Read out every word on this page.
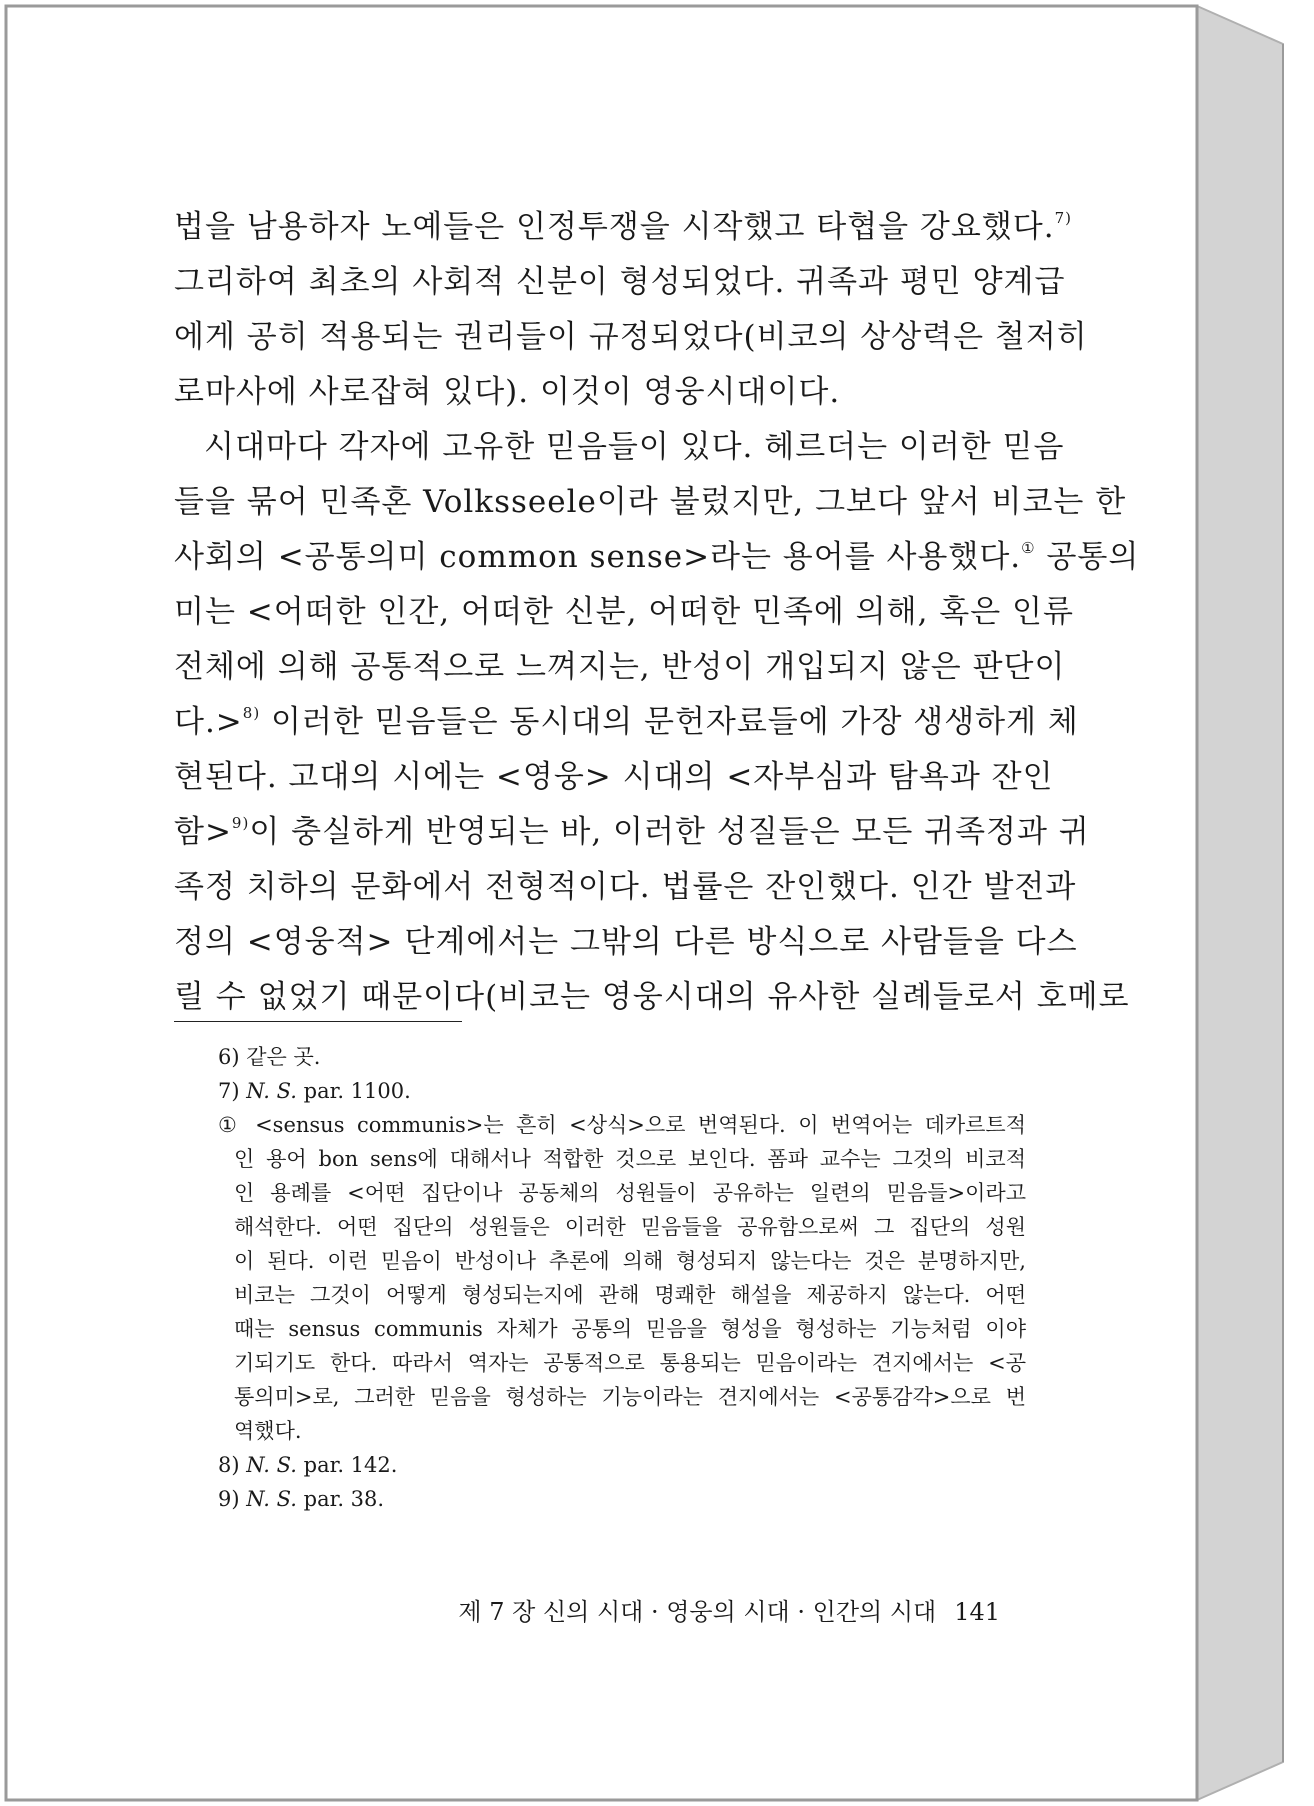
법을 남용하자 노예들은 인정투쟁을 시작했고 타협을 강요했다.$^{7)}$
그리하여 최초의 사회적 신분이 형성되었다. 귀족과 평민 양계급
에게 공히 적용되는 권리들이 규정되었다(비코의 상상력은 철저히
로마사에 사로잡혀 있다). 이것이 영웅시대이다.
시대마다 각자에 고유한 믿음들이 있다. 헤르더는 이러한 믿음
들을 묶어 민족혼 Volksseele이라 불렀지만, 그보다 앞서 비코는 한
사회의 <공통의미 common sense>라는 용어를 사용했다.① 공통의
미는 <어떠한 인간, 어떠한 신분, 어떠한 민족에 의해, 혹은 인류
전체에 의해 공통적으로 느껴지는, 반성이 개입되지 않은 판단이
다.>$^{8)}$ 이러한 믿음들은 동시대의 문헌자료들에 가장 생생하게 체
현된다. 고대의 시에는 <영웅> 시대의 <자부심과 탐욕과 잔인
함>$^{9)}$이 충실하게 반영되는 바, 이러한 성질들은 모든 귀족정과 귀
족정 치하의 문화에서 전형적이다. 법률은 잔인했다. 인간 발전과
정의 <영웅적> 단계에서는 그밖의 다른 방식으로 사람들을 다스
릴 수 없었기 때문이다(비코는 영웅시대의 유사한 실례들로서 호메로
6) 같은 곳.
7) N. S. par. 1100.
① <sensus communis>는 흔히 <상식>으로 번역된다. 이 번역어는 데카르트적
인 용어 bon sens에 대해서나 적합한 것으로 보인다. 폼파 교수는 그것의 비코적
인 용례를 <어떤 집단이나 공동체의 성원들이 공유하는 일련의 믿음들>이라고
해석한다. 어떤 집단의 성원들은 이러한 믿음들을 공유함으로써 그 집단의 성원
이 된다. 이런 믿음이 반성이나 추론에 의해 형성되지 않는다는 것은 분명하지만,
비코는 그것이 어떻게 형성되는지에 관해 명쾌한 해설을 제공하지 않는다. 어떤
때는 sensus communis 자체가 공통의 믿음을 형성을 형성하는 기능처럼 이야
기되기도 한다. 따라서 역자는 공통적으로 통용되는 믿음이라는 견지에서는 <공
통의미>로, 그러한 믿음을 형성하는 기능이라는 견지에서는 <공통감각>으로 번
역했다.
8) N. S. par. 142.
9) N. S. par. 38.
제 7 장 신의 시대 · 영웅의 시대 · 인간의 시대 141
